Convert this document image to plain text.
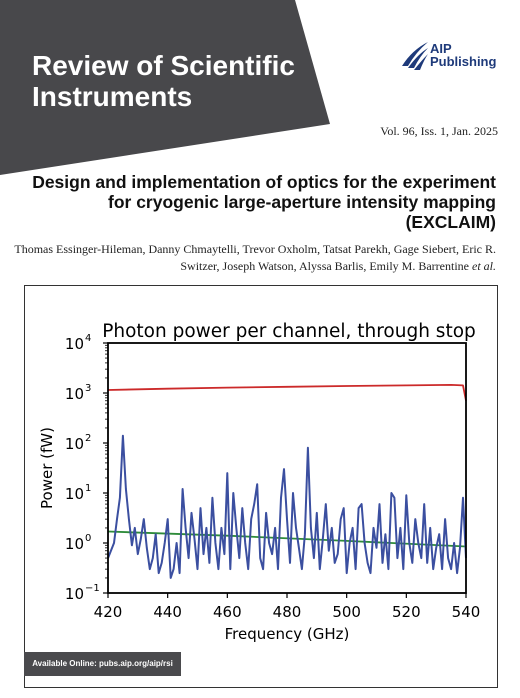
Review of Scientific Instruments
AIP
Publishing
Vol. 96, Iss. 1, Jan. 2025
Design and implementation of optics for the experiment for cryogenic large-aperture intensity mapping (EXCLAIM)
Thomas Essinger-Hileman, Danny Chmaytelli, Trevor Oxholm, Tatsat Parekh, Gage Siebert, Eric R. Switzer, Joseph Watson, Alyssa Barlis, Emily M. Barrentine et al.
Photon power per channel, through stop
420 440 460 480 500 520 540
10 −1
10 0
10 1
10 2
10 3
10 4
Frequency (GHz)
Power (fW)
Available Online: pubs.aip.org/aip/rsi
